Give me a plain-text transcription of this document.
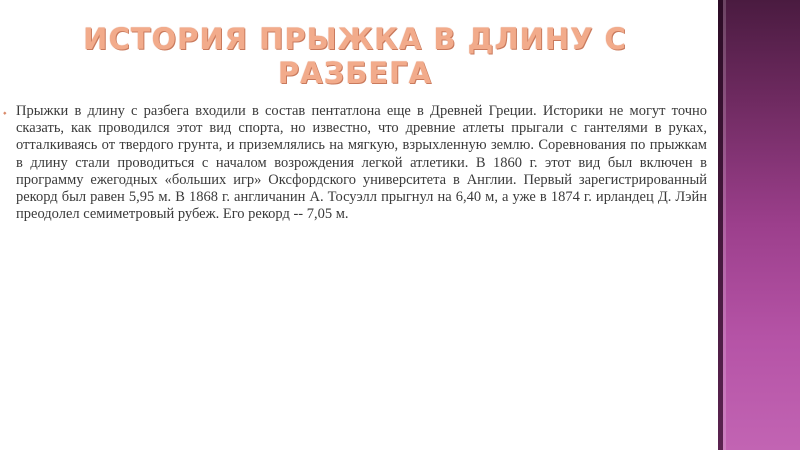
ИСТОРИЯ ПРЫЖКА В ДЛИНУ С
РАЗБЕГА
⬩ Прыжки в длину с разбега входили в состав пентатлона еще в Древней Греции. Историки не могут точно сказать, как проводился этот вид спорта, но известно, что древние атлеты прыгали с гантелями в руках, отталкиваясь от твердого грунта, и приземлялись на мягкую, взрыхленную землю. Соревнования по прыжкам в длину стали проводиться с началом возрождения легкой атлетики. В 1860 г. этот вид был включен в программу ежегодных «больших игр» Оксфордского университета в Англии. Первый зарегистрированный рекорд был равен 5,95 м. В 1868 г. англичанин А. Тосуэлл прыгнул на 6,40 м, а уже в 1874 г. ирландец Д. Лэйн преодолел семиметровый рубеж. Его рекорд -- 7,05 м.
